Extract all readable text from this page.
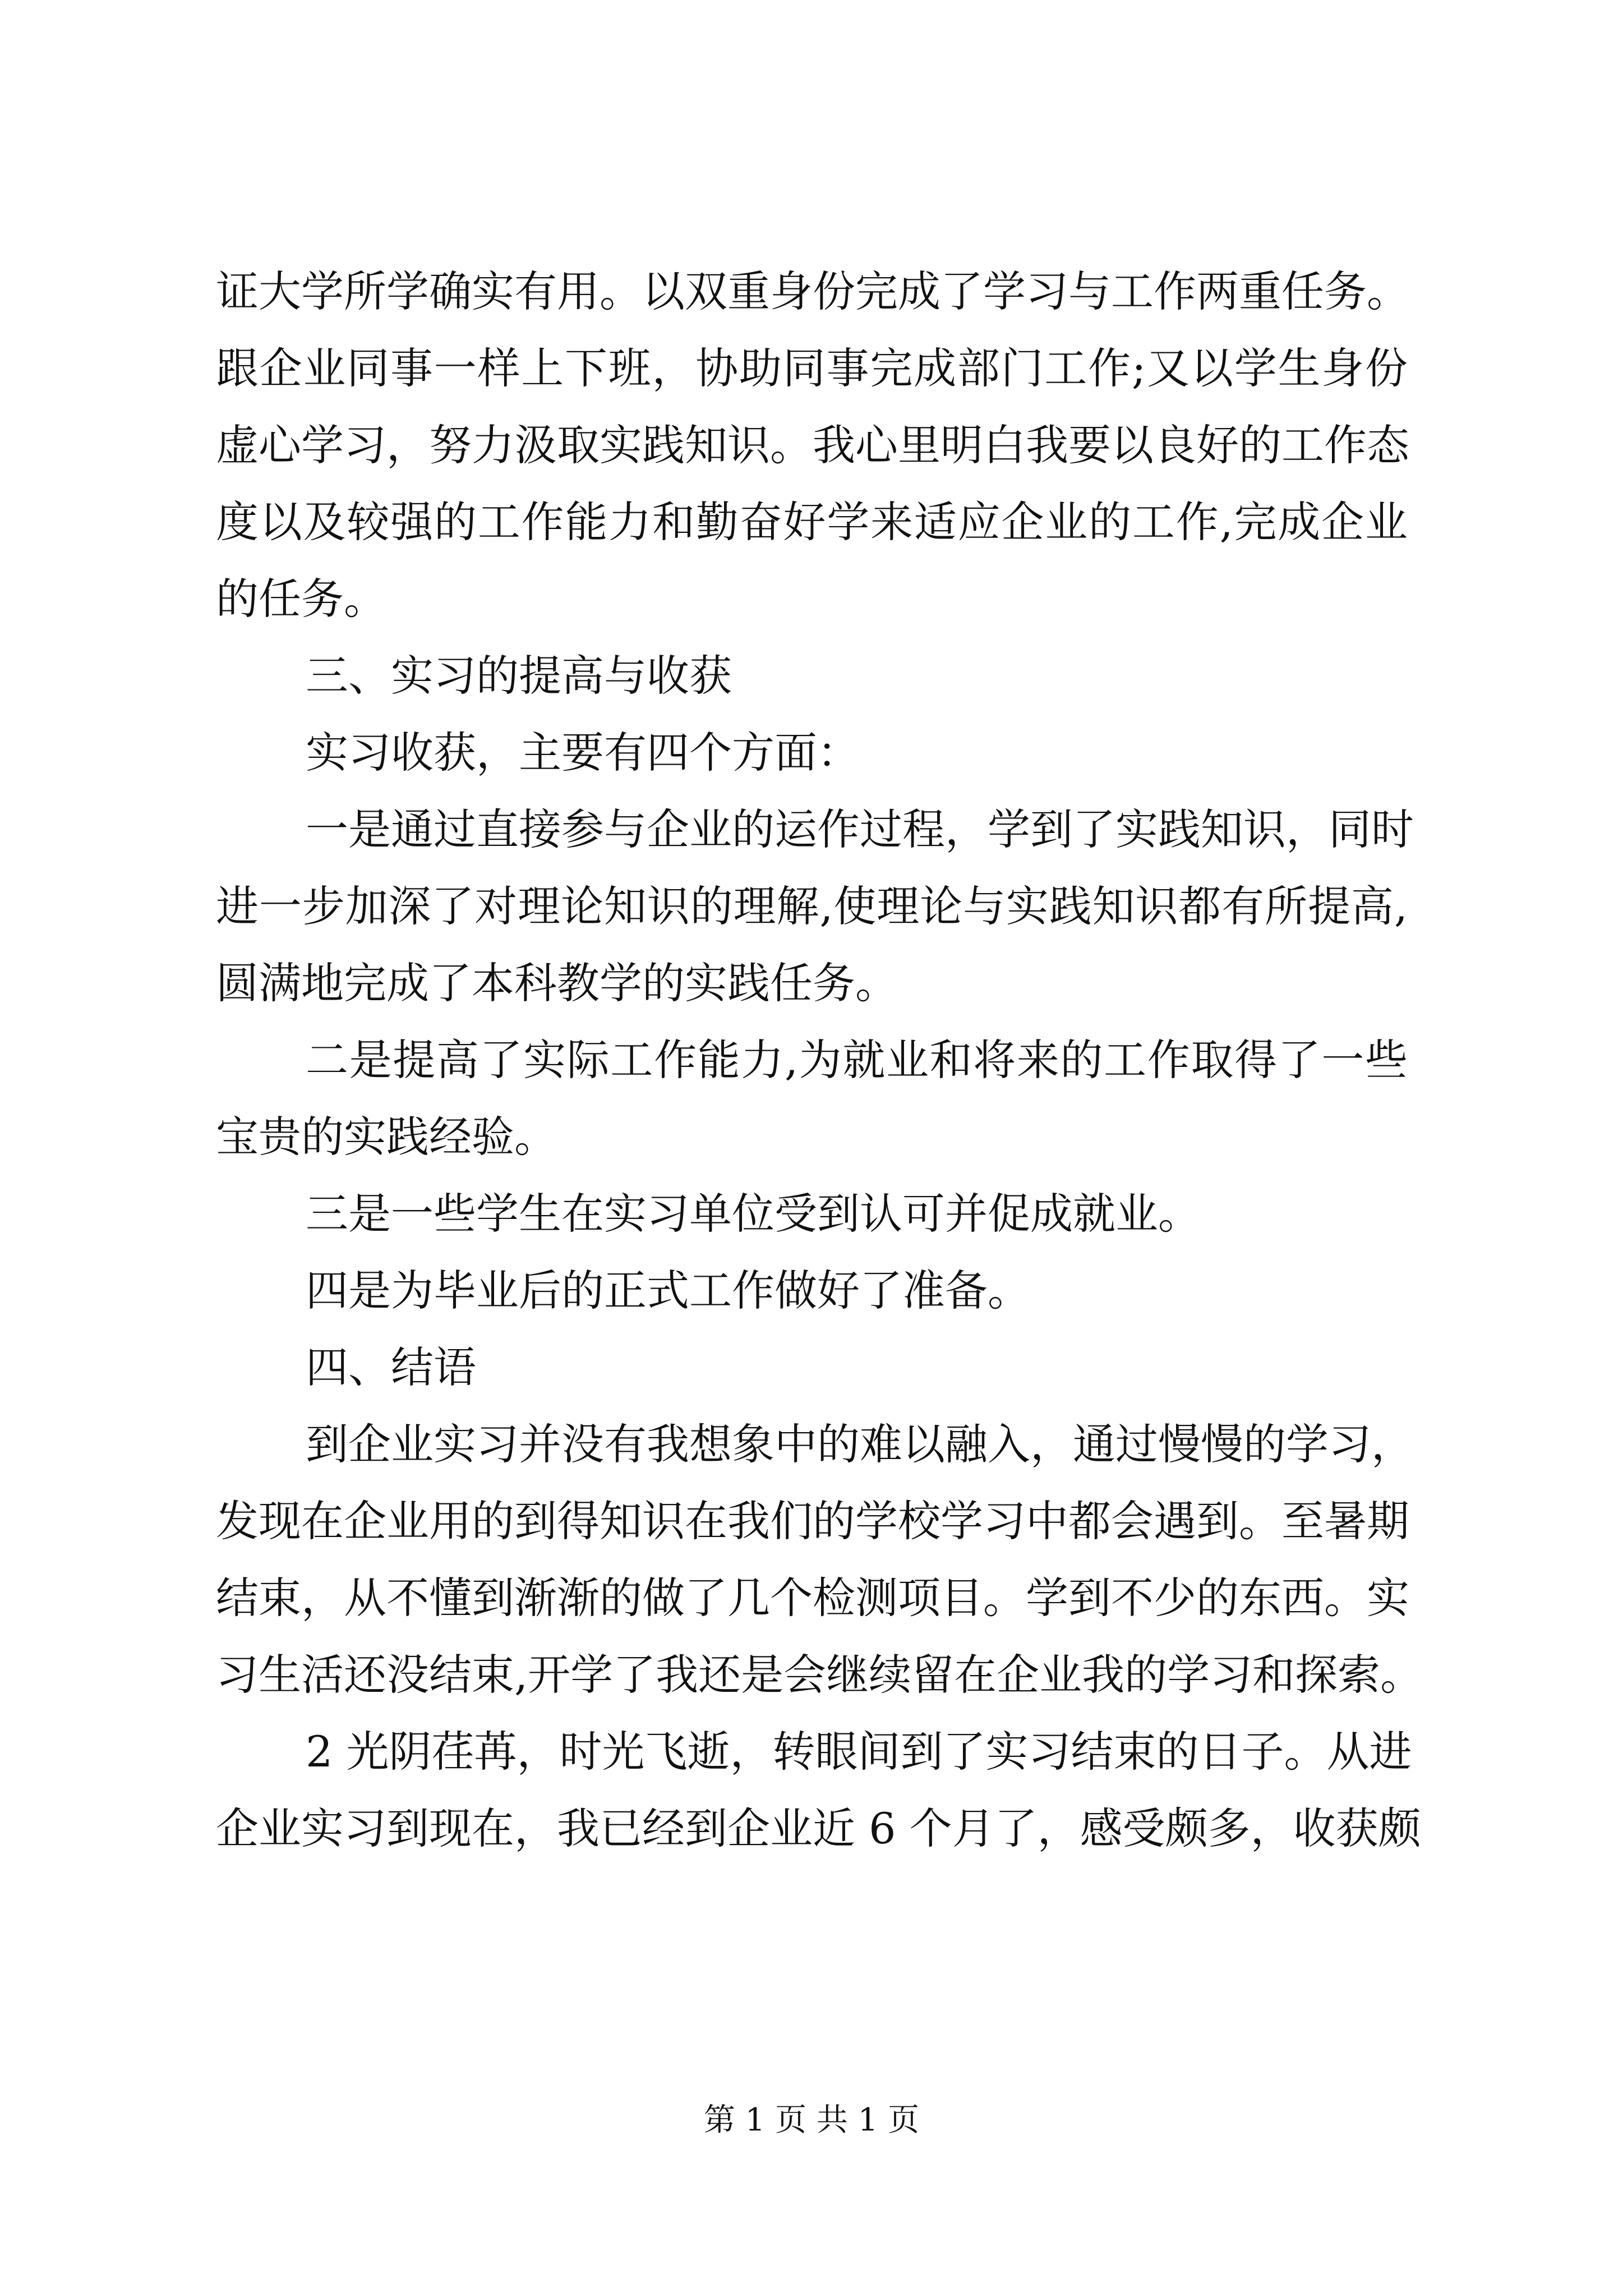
证大学所学确实有用。以双重身份完成了学习与工作两重任务。
跟企业同事一样上下班，协助同事完成部门工作;又以学生身份
虚心学习，努力汲取实践知识。我心里明白我要以良好的工作态
度以及较强的工作能力和勤奋好学来适应企业的工作,完成企业
的任务。
三、实习的提高与收获
实习收获，主要有四个方面：
一是通过直接参与企业的运作过程，学到了实践知识，同时
进一步加深了对理论知识的理解,使理论与实践知识都有所提高,
圆满地完成了本科教学的实践任务。
二是提高了实际工作能力,为就业和将来的工作取得了一些
宝贵的实践经验。
三是一些学生在实习单位受到认可并促成就业。
四是为毕业后的正式工作做好了准备。
四、结语
到企业实习并没有我想象中的难以融入，通过慢慢的学习，
发现在企业用的到得知识在我们的学校学习中都会遇到。至暑期
结束，从不懂到渐渐的做了几个检测项目。学到不少的东西。实
习生活还没结束,开学了我还是会继续留在企业我的学习和探索。
2 光阴荏苒，时光飞逝，转眼间到了实习结束的日子。从进
企业实习到现在，我已经到企业近 6 个月了，感受颇多，收获颇
第 1 页 共 1 页
